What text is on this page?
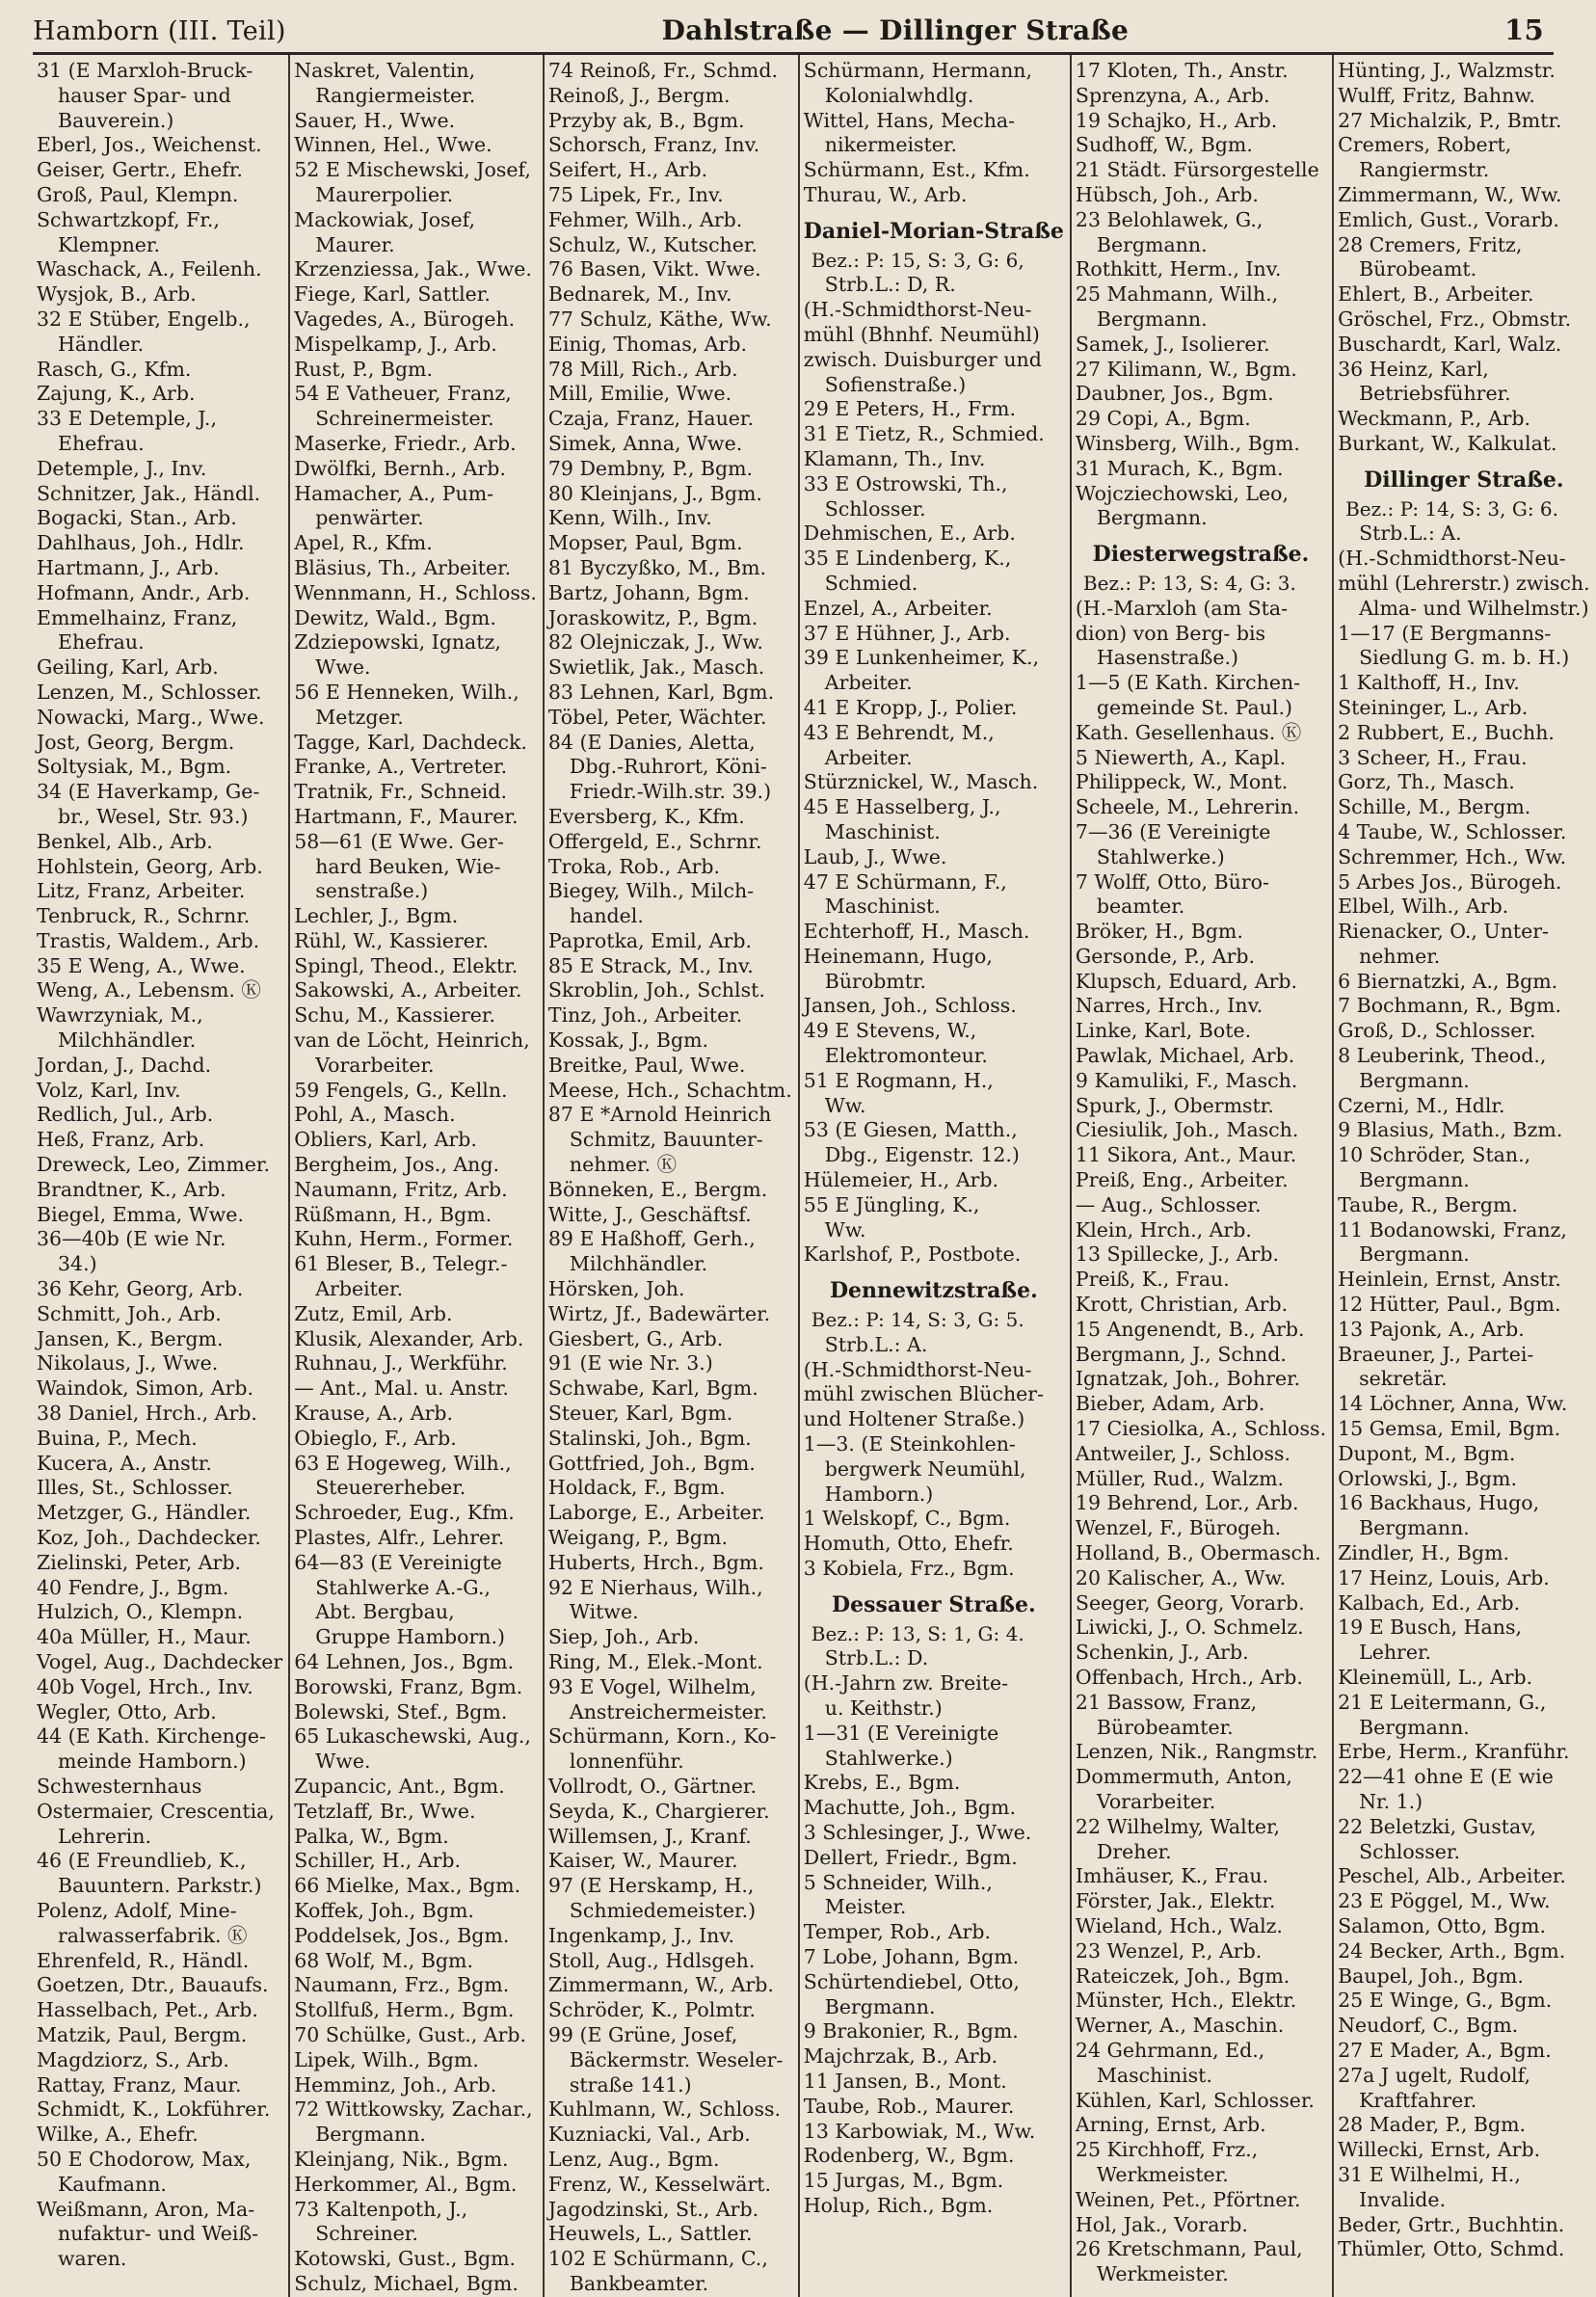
Hamborn (III. Teil)	Dahlstraße — Dillinger Straße	15
31 (E Marxloh-Bruck-
hauser Spar- und
Bauverein.)
Eberl, Jos., Weichenst.
Geiser, Gertr., Ehefr.
Groß, Paul, Klempn.
Schwartzkopf, Fr.,
Klempner.
Waschack, A., Feilenh.
Wysjok, B., Arb.
32 E Stüber, Engelb.,
Händler.
Rasch, G., Kfm.
Zajung, K., Arb.
33 E Detemple, J.,
Ehefrau.
Detemple, J., Inv.
Schnitzer, Jak., Händl.
Bogacki, Stan., Arb.
Dahlhaus, Joh., Hdlr.
Hartmann, J., Arb.
Hofmann, Andr., Arb.
Emmelhainz, Franz,
Ehefrau.
Geiling, Karl, Arb.
Lenzen, M., Schlosser.
Nowacki, Marg., Wwe.
Jost, Georg, Bergm.
Soltysiak, M., Bgm.
34 (E Haverkamp, Ge-
br., Wesel, Str. 93.)
Benkel, Alb., Arb.
Hohlstein, Georg, Arb.
Litz, Franz, Arbeiter.
Tenbruck, R., Schrnr.
Trastis, Waldem., Arb.
35 E Weng, A., Wwe.
Weng, A., Lebensm. Ⓚ
Wawrzyniak, M.,
Milchhändler.
Jordan, J., Dachd.
Volz, Karl, Inv.
Redlich, Jul., Arb.
Heß, Franz, Arb.
Dreweck, Leo, Zimmer.
Brandtner, K., Arb.
Biegel, Emma, Wwe.
36—40b (E wie Nr.
34.)
36 Kehr, Georg, Arb.
Schmitt, Joh., Arb.
Jansen, K., Bergm.
Nikolaus, J., Wwe.
Waindok, Simon, Arb.
38 Daniel, Hrch., Arb.
Buina, P., Mech.
Kucera, A., Anstr.
Illes, St., Schlosser.
Metzger, G., Händler.
Koz, Joh., Dachdecker.
Zielinski, Peter, Arb.
40 Fendre, J., Bgm.
Hulzich, O., Klempn.
40a Müller, H., Maur.
Vogel, Aug., Dachdecker
40b Vogel, Hrch., Inv.
Wegler, Otto, Arb.
44 (E Kath. Kirchenge-
meinde Hamborn.)
Schwesternhaus
Ostermaier, Crescentia,
Lehrerin.
46 (E Freundlieb, K.,
Bauuntern. Parkstr.)
Polenz, Adolf, Mine-
ralwasserfabrik. Ⓚ
Ehrenfeld, R., Händl.
Goetzen, Dtr., Bauaufs.
Hasselbach, Pet., Arb.
Matzik, Paul, Bergm.
Magdziorz, S., Arb.
Rattay, Franz, Maur.
Schmidt, K., Lokführer.
Wilke, A., Ehefr.
50 E Chodorow, Max,
Kaufmann.
Weißmann, Aron, Ma-
nufaktur- und Weiß-
waren.
Naskret, Valentin,
Rangiermeister.
Sauer, H., Wwe.
Winnen, Hel., Wwe.
52 E Mischewski, Josef,
Maurerpolier.
Mackowiak, Josef,
Maurer.
Krzenziessa, Jak., Wwe.
Fiege, Karl, Sattler.
Vagedes, A., Bürogeh.
Mispelkamp, J., Arb.
Rust, P., Bgm.
54 E Vatheuer, Franz,
Schreinermeister.
Maserke, Friedr., Arb.
Dwölfki, Bernh., Arb.
Hamacher, A., Pum-
penwärter.
Apel, R., Kfm.
Bläsius, Th., Arbeiter.
Wennmann, H., Schloss.
Dewitz, Wald., Bgm.
Zdziepowski, Ignatz,
Wwe.
56 E Henneken, Wilh.,
Metzger.
Tagge, Karl, Dachdeck.
Franke, A., Vertreter.
Tratnik, Fr., Schneid.
Hartmann, F., Maurer.
58—61 (E Wwe. Ger-
hard Beuken, Wie-
senstraße.)
Lechler, J., Bgm.
Rühl, W., Kassierer.
Spingl, Theod., Elektr.
Sakowski, A., Arbeiter.
Schu, M., Kassierer.
van de Löcht, Heinrich,
Vorarbeiter.
59 Fengels, G., Kelln.
Pohl, A., Masch.
Obliers, Karl, Arb.
Bergheim, Jos., Ang.
Naumann, Fritz, Arb.
Rüßmann, H., Bgm.
Kuhn, Herm., Former.
61 Bleser, B., Telegr.-
Arbeiter.
Zutz, Emil, Arb.
Klusik, Alexander, Arb.
Ruhnau, J., Werkführ.
— Ant., Mal. u. Anstr.
Krause, A., Arb.
Obieglo, F., Arb.
63 E Hogeweg, Wilh.,
Steuererheber.
Schroeder, Eug., Kfm.
Plastes, Alfr., Lehrer.
64—83 (E Vereinigte
Stahlwerke A.-G.,
Abt. Bergbau,
Gruppe Hamborn.)
64 Lehnen, Jos., Bgm.
Borowski, Franz, Bgm.
Bolewski, Stef., Bgm.
65 Lukaschewski, Aug.,
Wwe.
Zupancic, Ant., Bgm.
Tetzlaff, Br., Wwe.
Palka, W., Bgm.
Schiller, H., Arb.
66 Mielke, Max., Bgm.
Koffek, Joh., Bgm.
Poddelsek, Jos., Bgm.
68 Wolf, M., Bgm.
Naumann, Frz., Bgm.
Stollfuß, Herm., Bgm.
70 Schülke, Gust., Arb.
Lipek, Wilh., Bgm.
Hemminz, Joh., Arb.
72 Wittkowsky, Zachar.,
Bergmann.
Kleinjang, Nik., Bgm.
Herkommer, Al., Bgm.
73 Kaltenpoth, J.,
Schreiner.
Kotowski, Gust., Bgm.
Schulz, Michael, Bgm.
74 Reinoß, Fr., Schmd.
Reinoß, J., Bergm.
Przyby ak, B., Bgm.
Schorsch, Franz, Inv.
Seifert, H., Arb.
75 Lipek, Fr., Inv.
Fehmer, Wilh., Arb.
Schulz, W., Kutscher.
76 Basen, Vikt. Wwe.
Bednarek, M., Inv.
77 Schulz, Käthe, Ww.
Einig, Thomas, Arb.
78 Mill, Rich., Arb.
Mill, Emilie, Wwe.
Czaja, Franz, Hauer.
Simek, Anna, Wwe.
79 Dembny, P., Bgm.
80 Kleinjans, J., Bgm.
Kenn, Wilh., Inv.
Mopser, Paul, Bgm.
81 Byczyßko, M., Bm.
Bartz, Johann, Bgm.
Joraskowitz, P., Bgm.
82 Olejniczak, J., Ww.
Swietlik, Jak., Masch.
83 Lehnen, Karl, Bgm.
Töbel, Peter, Wächter.
84 (E Danies, Aletta,
Dbg.-Ruhrort, Köni-
Friedr.-Wilh.str. 39.)
Eversberg, K., Kfm.
Offergeld, E., Schrnr.
Troka, Rob., Arb.
Biegey, Wilh., Milch-
handel.
Paprotka, Emil, Arb.
85 E Strack, M., Inv.
Skroblin, Joh., Schlst.
Tinz, Joh., Arbeiter.
Kossak, J., Bgm.
Breitke, Paul, Wwe.
Meese, Hch., Schachtm.
87 E *Arnold Heinrich
Schmitz, Bauunter-
nehmer. Ⓚ
Bönneken, E., Bergm.
Witte, J., Geschäftsf.
89 E Haßhoff, Gerh.,
Milchhändler.
Hörsken, Joh.
Wirtz, Jf., Badewärter.
Giesbert, G., Arb.
91 (E wie Nr. 3.)
Schwabe, Karl, Bgm.
Steuer, Karl, Bgm.
Stalinski, Joh., Bgm.
Gottfried, Joh., Bgm.
Holdack, F., Bgm.
Laborge, E., Arbeiter.
Weigang, P., Bgm.
Huberts, Hrch., Bgm.
92 E Nierhaus, Wilh.,
Witwe.
Siep, Joh., Arb.
Ring, M., Elek.-Mont.
93 E Vogel, Wilhelm,
Anstreichermeister.
Schürmann, Korn., Ko-
lonnenführ.
Vollrodt, O., Gärtner.
Seyda, K., Chargierer.
Willemsen, J., Kranf.
Kaiser, W., Maurer.
97 (E Herskamp, H.,
Schmiedemeister.)
Ingenkamp, J., Inv.
Stoll, Aug., Hdlsgeh.
Zimmermann, W., Arb.
Schröder, K., Polmtr.
99 (E Grüne, Josef,
Bäckermstr. Weseler-
straße 141.)
Kuhlmann, W., Schloss.
Kuzniacki, Val., Arb.
Lenz, Aug., Bgm.
Frenz, W., Kesselwärt.
Jagodzinski, St., Arb.
Heuwels, L., Sattler.
102 E Schürmann, C.,
Bankbeamter.
Schürmann, Hermann,
Kolonialwhdlg.
Wittel, Hans, Mecha-
nikermeister.
Schürmann, Est., Kfm.
Thurau, W., Arb.
Daniel-Morian-Straße
Bez.: P: 15, S: 3, G: 6,
Strb.L.: D, R.
(H.-Schmidthorst-Neu-
mühl (Bhnhf. Neumühl)
zwisch. Duisburger und
Sofienstraße.)
29 E Peters, H., Frm.
31 E Tietz, R., Schmied.
Klamann, Th., Inv.
33 E Ostrowski, Th.,
Schlosser.
Dehmischen, E., Arb.
35 E Lindenberg, K.,
Schmied.
Enzel, A., Arbeiter.
37 E Hühner, J., Arb.
39 E Lunkenheimer, K.,
Arbeiter.
41 E Kropp, J., Polier.
43 E Behrendt, M.,
Arbeiter.
Stürznickel, W., Masch.
45 E Hasselberg, J.,
Maschinist.
Laub, J., Wwe.
47 E Schürmann, F.,
Maschinist.
Echterhoff, H., Masch.
Heinemann, Hugo,
Bürobmtr.
Jansen, Joh., Schloss.
49 E Stevens, W.,
Elektromonteur.
51 E Rogmann, H.,
Ww.
53 (E Giesen, Matth.,
Dbg., Eigenstr. 12.)
Hülemeier, H., Arb.
55 E Jüngling, K.,
Ww.
Karlshof, P., Postbote.
Dennewitzstraße.
Bez.: P: 14, S: 3, G: 5.
Strb.L.: A.
(H.-Schmidthorst-Neu-
mühl zwischen Blücher-
und Holtener Straße.)
1—3. (E Steinkohlen-
bergwerk Neumühl,
Hamborn.)
1 Welskopf, C., Bgm.
Homuth, Otto, Ehefr.
3 Kobiela, Frz., Bgm.
Dessauer Straße.
Bez.: P: 13, S: 1, G: 4.
Strb.L.: D.
(H.-Jahrn zw. Breite-
u. Keithstr.)
1—31 (E Vereinigte
Stahlwerke.)
Krebs, E., Bgm.
Machutte, Joh., Bgm.
3 Schlesinger, J., Wwe.
Dellert, Friedr., Bgm.
5 Schneider, Wilh.,
Meister.
Temper, Rob., Arb.
7 Lobe, Johann, Bgm.
Schürtendiebel, Otto,
Bergmann.
9 Brakonier, R., Bgm.
Majchrzak, B., Arb.
11 Jansen, B., Mont.
Taube, Rob., Maurer.
13 Karbowiak, M., Ww.
Rodenberg, W., Bgm.
15 Jurgas, M., Bgm.
Holup, Rich., Bgm.
17 Kloten, Th., Anstr.
Sprenzyna, A., Arb.
19 Schajko, H., Arb.
Sudhoff, W., Bgm.
21 Städt. Fürsorgestelle
Hübsch, Joh., Arb.
23 Belohlawek, G.,
Bergmann.
Rothkitt, Herm., Inv.
25 Mahmann, Wilh.,
Bergmann.
Samek, J., Isolierer.
27 Kilimann, W., Bgm.
Daubner, Jos., Bgm.
29 Copi, A., Bgm.
Winsberg, Wilh., Bgm.
31 Murach, K., Bgm.
Wojcziechowski, Leo,
Bergmann.
Diesterwegstraße.
Bez.: P: 13, S: 4, G: 3.
(H.-Marxloh (am Sta-
dion) von Berg- bis
Hasenstraße.)
1—5 (E Kath. Kirchen-
gemeinde St. Paul.)
Kath. Gesellenhaus. Ⓚ
5 Niewerth, A., Kapl.
Philippeck, W., Mont.
Scheele, M., Lehrerin.
7—36 (E Vereinigte
Stahlwerke.)
7 Wolff, Otto, Büro-
beamter.
Bröker, H., Bgm.
Gersonde, P., Arb.
Klupsch, Eduard, Arb.
Narres, Hrch., Inv.
Linke, Karl, Bote.
Pawlak, Michael, Arb.
9 Kamuliki, F., Masch.
Spurk, J., Obermstr.
Ciesiulik, Joh., Masch.
11 Sikora, Ant., Maur.
Preiß, Eng., Arbeiter.
— Aug., Schlosser.
Klein, Hrch., Arb.
13 Spillecke, J., Arb.
Preiß, K., Frau.
Krott, Christian, Arb.
15 Angenendt, B., Arb.
Bergmann, J., Schnd.
Ignatzak, Joh., Bohrer.
Bieber, Adam, Arb.
17 Ciesiolka, A., Schloss.
Antweiler, J., Schloss.
Müller, Rud., Walzm.
19 Behrend, Lor., Arb.
Wenzel, F., Bürogeh.
Holland, B., Obermasch.
20 Kalischer, A., Ww.
Seeger, Georg, Vorarb.
Liwicki, J., O. Schmelz.
Schenkin, J., Arb.
Offenbach, Hrch., Arb.
21 Bassow, Franz,
Bürobeamter.
Lenzen, Nik., Rangmstr.
Dommermuth, Anton,
Vorarbeiter.
22 Wilhelmy, Walter,
Dreher.
Imhäuser, K., Frau.
Förster, Jak., Elektr.
Wieland, Hch., Walz.
23 Wenzel, P., Arb.
Rateiczek, Joh., Bgm.
Münster, Hch., Elektr.
Werner, A., Maschin.
24 Gehrmann, Ed.,
Maschinist.
Kühlen, Karl, Schlosser.
Arning, Ernst, Arb.
25 Kirchhoff, Frz.,
Werkmeister.
Weinen, Pet., Pförtner.
Hol, Jak., Vorarb.
26 Kretschmann, Paul,
Werkmeister.
Hünting, J., Walzmstr.
Wulff, Fritz, Bahnw.
27 Michalzik, P., Bmtr.
Cremers, Robert,
Rangiermstr.
Zimmermann, W., Ww.
Emlich, Gust., Vorarb.
28 Cremers, Fritz,
Bürobeamt.
Ehlert, B., Arbeiter.
Gröschel, Frz., Obmstr.
Buschardt, Karl, Walz.
36 Heinz, Karl,
Betriebsführer.
Weckmann, P., Arb.
Burkant, W., Kalkulat.
Dillinger Straße.
Bez.: P: 14, S: 3, G: 6.
Strb.L.: A.
(H.-Schmidthorst-Neu-
mühl (Lehrerstr.) zwisch.
Alma- und Wilhelmstr.)
1—17 (E Bergmanns-
Siedlung G. m. b. H.)
1 Kalthoff, H., Inv.
Steininger, L., Arb.
2 Rubbert, E., Buchh.
3 Scheer, H., Frau.
Gorz, Th., Masch.
Schille, M., Bergm.
4 Taube, W., Schlosser.
Schremmer, Hch., Ww.
5 Arbes Jos., Bürogeh.
Elbel, Wilh., Arb.
Rienacker, O., Unter-
nehmer.
6 Biernatzki, A., Bgm.
7 Bochmann, R., Bgm.
Groß, D., Schlosser.
8 Leuberink, Theod.,
Bergmann.
Czerni, M., Hdlr.
9 Blasius, Math., Bzm.
10 Schröder, Stan.,
Bergmann.
Taube, R., Bergm.
11 Bodanowski, Franz,
Bergmann.
Heinlein, Ernst, Anstr.
12 Hütter, Paul., Bgm.
13 Pajonk, A., Arb.
Braeuner, J., Partei-
sekretär.
14 Löchner, Anna, Ww.
15 Gemsa, Emil, Bgm.
Dupont, M., Bgm.
Orlowski, J., Bgm.
16 Backhaus, Hugo,
Bergmann.
Zindler, H., Bgm.
17 Heinz, Louis, Arb.
Kalbach, Ed., Arb.
19 E Busch, Hans,
Lehrer.
Kleinemüll, L., Arb.
21 E Leitermann, G.,
Bergmann.
Erbe, Herm., Kranführ.
22—41 ohne E (E wie
Nr. 1.)
22 Beletzki, Gustav,
Schlosser.
Peschel, Alb., Arbeiter.
23 E Pöggel, M., Ww.
Salamon, Otto, Bgm.
24 Becker, Arth., Bgm.
Baupel, Joh., Bgm.
25 E Winge, G., Bgm.
Neudorf, C., Bgm.
27 E Mader, A., Bgm.
27a J ugelt, Rudolf,
Kraftfahrer.
28 Mader, P., Bgm.
Willecki, Ernst, Arb.
31 E Wilhelmi, H.,
Invalide.
Beder, Grtr., Buchhtin.
Thümler, Otto, Schmd.
